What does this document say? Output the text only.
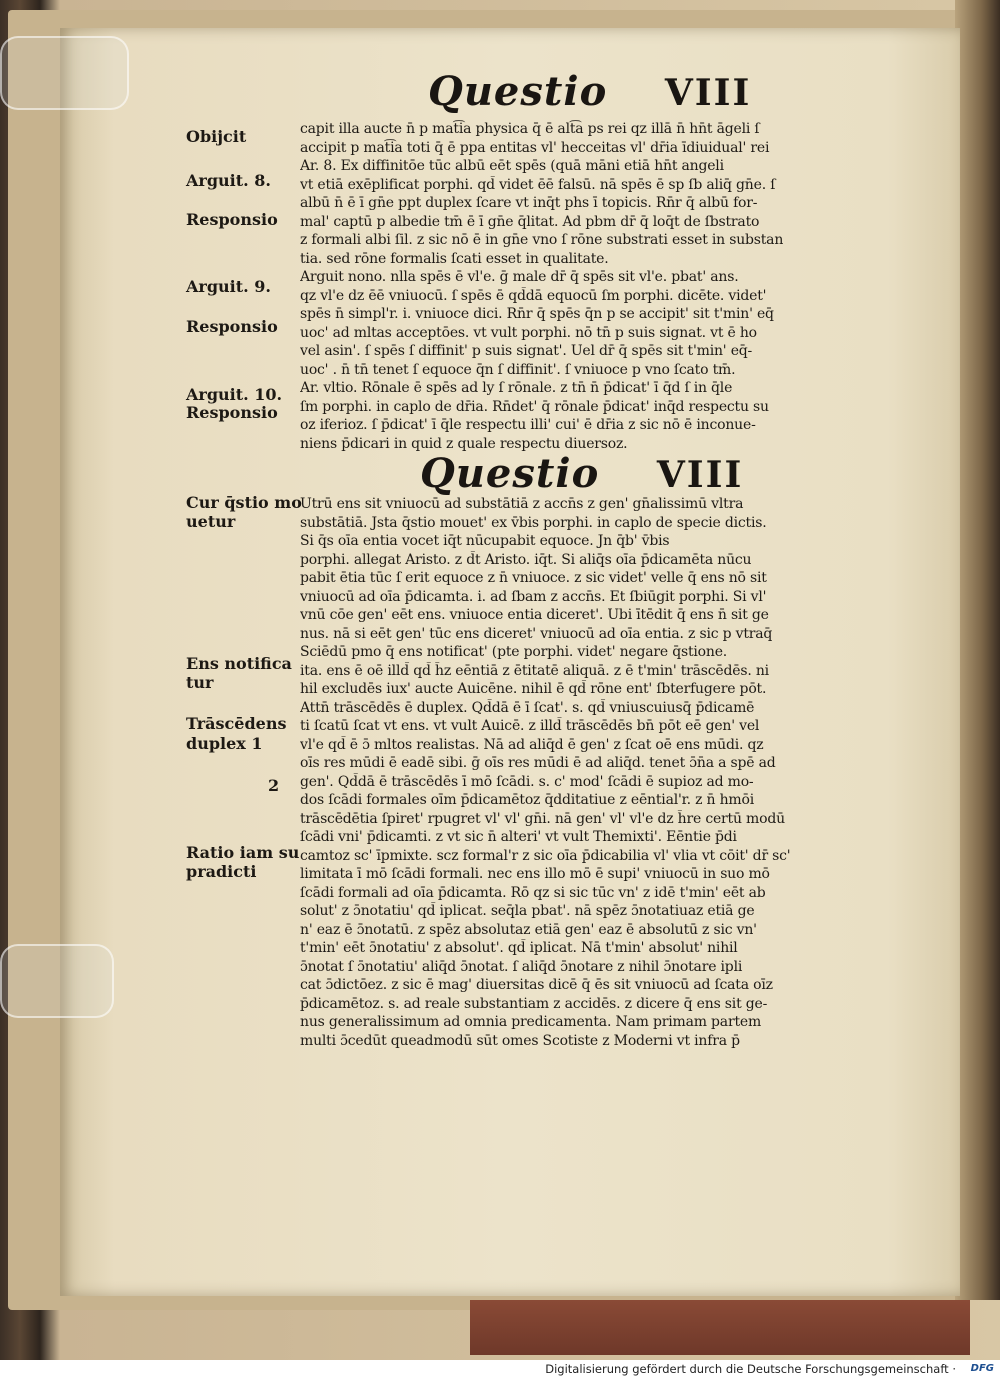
Questio VIII
Questio VIII
Obijcit
Arguit. 8.
Responsio
Arguit. 9.
Responsio
Arguit. 10.
Responsio
Cur q̄stio mo
uetur
Ens notifica
tur
Trāscēdens
duplex 1
2
Ratio iam su
pradicti
capit illa aucte n̄ p mat͡ia physica q̄ ē alt͡a ps rei qz illā n̄ hn̄t āgeli ſ
accipit p mat͡ia toti q̄ ē ppa entitas vl' hecceitas vl' dr̄ia īdiuidual' rei
Ar. 8. Ex diffinitōe tūc albū eēt spēs (quā māni etiā hn̄t angeli
vt etiā exēplificat porphi. qd̄ videt ēē falsū. nā spēs ē sp ſb aliq̄ gn̄e. ſ
albū n̄ ē ī gn̄e ppt duplex ſcare vt inq̄t phs ī topicis. Rn̄r q̄ albū for-
mal' captū p albedie tm̄ ē ī gn̄e q̄litat. Ad pbm dr̄ q̄ loq̄t de ſbstrato
z formali albi ſil. z sic nō ē in gn̄e vno ſ rōne substrati esset in substan
tia. sed rōne formalis ſcati esset in qualitate.
Arguit nono. nlla spēs ē vl'e. ḡ male dr̄ q̄ spēs sit vl'e. pbat' ans.
qz vl'e dz ēē vniuocū. ſ spēs ē qd̄dā equocū ſm porphi. dicēte. videt'
spēs n̄ simpl'r. i. vniuoce dici. Rn̄r q̄ spēs q̄n p se accipit' sit t'min' eq̄
uoc' ad mltas acceptōes. vt vult porphi. nō tn̄ p suis signat. vt ē ho
vel asin'. ſ spēs ſ diffinit' p suis signat'. Uel dr̄ q̄ spēs sit t'min' eq̄-
uoc' . n̄ tn̄ tenet ſ equoce q̄n ſ diffinit'. ſ vniuoce p vno ſcato tm̄.
Ar. vltio. Rōnale ē spēs ad ly ſ rōnale. z tn̄ n̄ p̄dicat' ī q̄d ſ in q̄le
ſm porphi. in caplo de dr̄ia. Rn̄det' q̄ rōnale p̄dicat' inq̄d respectu su
oz iferioz. ſ p̄dicat' ī q̄le respectu illi' cui' ē dr̄ia z sic nō ē inconue-
niens p̄dicari in quid z quale respectu diuersoz.
Utrū ens sit vniuocū ad substātiā z accn̄s z gen' gn̄alissimū vltra
substātiā. Jsta q̄stio mouet' ex v̄bis porphi. in caplo de specie dictis.
Si q̄s oīa entia vocet iq̄t nūcupabit equoce. Jn q̄b' v̄bis
porphi. allegat Aristo. z d̄t Aristo. iq̄t. Si aliq̄s oīa p̄dicamēta nūcu
pabit ētia tūc ſ erit equoce z n̄ vniuoce. z sic videt' velle q̄ ens nō sit
vniuocū ad oīa p̄dicamta. i. ad ſbam z accn̄s. Et ſbiūgit porphi. Si vl'
vnū cōe gen' eēt ens. vniuoce entia diceret'. Ubi ītēdit q̄ ens n̄ sit ge
nus. nā si eēt gen' tūc ens diceret' vniuocū ad oīa entia. z sic p vtraq̄
Sciēdū pmo q̄ ens notificat' (pte porphi. videt' negare q̄stione.
ita. ens ē oē illd̄ qd̄ h̄z eēntiā z ētitatē aliquā. z ē t'min' trāscēdēs. ni
hil excludēs iux' aucte Auicēne. nihil ē qd̄ rōne ent' ſbterfugere pōt.
Attn̄ trāscēdēs ē duplex. Qd̄dā ē ī ſcat'. s. qd̄ vniuscuiusq̄ p̄dicamē
ti ſcatū ſcat vt ens. vt vult Auicē. z illd̄ trāscēdēs bn̄ pōt eē gen' vel
vl'e qd̄ ē ɔ̄ mltos realistas. Nā ad aliq̄d ē gen' z ſcat oē ens mūdi. qz
oīs res mūdi ē eadē sibi. ḡ oīs res mūdi ē ad aliq̄d. tenet ɔ̄n̄a a spē ad
gen'. Qd̄dā ē trāscēdēs ī mō ſcādi. s. c' mod' ſcādi ē supioz ad mo-
dos ſcādi formales oīm p̄dicamētoz q̄dditatiue z eēntial'r. z n̄ hmōi
trāscēdētia ſpiret' rpugret vl' vl' gn̄i. nā gen' vl' vl'e dz h̄re certū modū
ſcādi vni' p̄dicamti. z vt sic n̄ alteri' vt vult Themixti'. Eēntie p̄di
camtoz sc' īpmixte. scz formal'r z sic oīa p̄dicabilia vl' vlia vt cōit' dr̄ sc'
limitata ī mō ſcādi formali. nec ens illo mō ē supi' vniuocū in suo mō
ſcādi formali ad oīa p̄dicamta. Rō qz si sic tūc vn' z idē t'min' eēt ab
solut' z ɔ̄notatiu' qd̄ iplicat. seq̄la pbat'. nā spēz ɔ̄notatiuaz etiā ge
n' eaz ē ɔ̄notatū. z spēz absolutaz etiā gen' eaz ē absolutū z sic vn'
t'min' eēt ɔ̄notatiu' z absolut'. qd̄ iplicat. Nā t'min' absolut' nihil
ɔ̄notat ſ ɔ̄notatiu' aliq̄d ɔ̄notat. ſ aliq̄d ɔ̄notare z nihil ɔ̄notare ipli
cat ɔ̄dictōez. z sic ē mag' diuersitas dicē q̄ ēs sit vniuocū ad ſcata oīz
p̄dicamētoz. s. ad reale substantiam z accidēs. z dicere q̄ ens sit ge-
nus generalissimum ad omnia predicamenta. Nam primam partem
multi ɔ̄cedūt queadmodū sūt omes Scotiste z Moderni vt infra p̄
Digitalisierung gefördert durch die Deutsche Forschungsgemeinschaft · DFG
